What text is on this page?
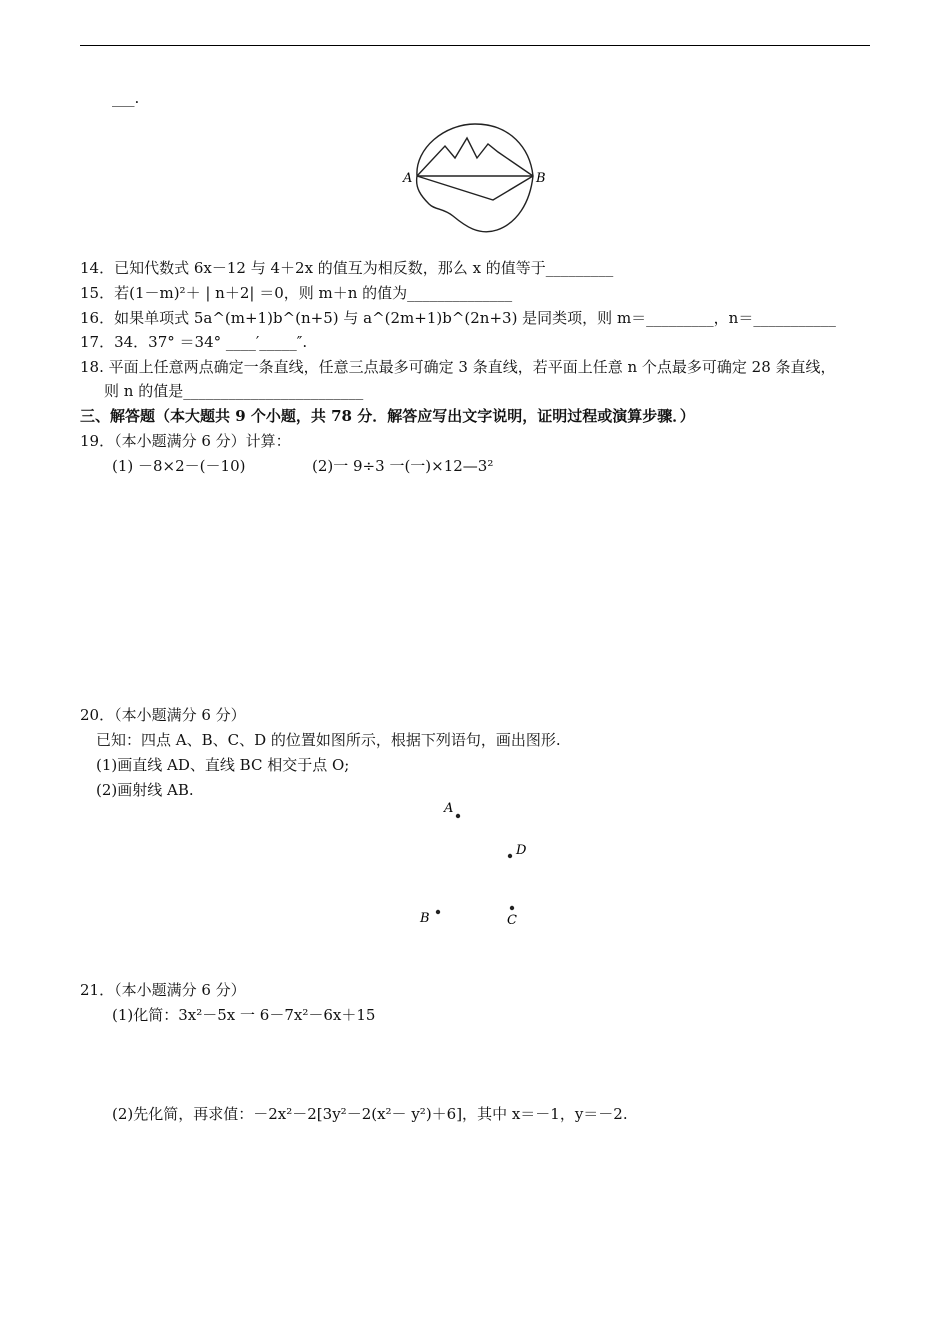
___.
A	B
14．已知代数式 6x－12 与 4＋2x 的值互为相反数，那么 x 的值等于_________
15．若(1－m)²＋ | n＋2| ＝0，则 m＋n 的值为______________
16．如果单项式 5a^(m+1)b^(n+5) 与 a^(2m+1)b^(2n+3) 是同类项，则 m＝_________，n＝___________
17．34．37° ＝34° ____′_____″.
18. 平面上任意两点确定一条直线，任意三点最多可确定 3 条直线，若平面上任意 n 个点最多可确定 28 条直线，
则 n 的值是________________________
三、解答题（本大题共 9 个小题，共 78 分．解答应写出文字说明，证明过程或演算步骤．）
19．（本小题满分 6 分）计算：
(1) －8×2－(－10)	(2)一 9÷3 一(一)×12—3²
20．（本小题满分 6 分）
已知：四点 A、B、C、D 的位置如图所示，根据下列语句，画出图形.
(1)画直线 AD、直线 BC 相交于点 O;
(2)画射线 AB.
A
D
B	C
21．（本小题满分 6 分）
(1)化简：3x²－5x 一 6－7x²－6x＋15
(2)先化简，再求值：－2x²－2[3y²－2(x²－ y²)＋6]，其中 x＝－1，y＝－2.
